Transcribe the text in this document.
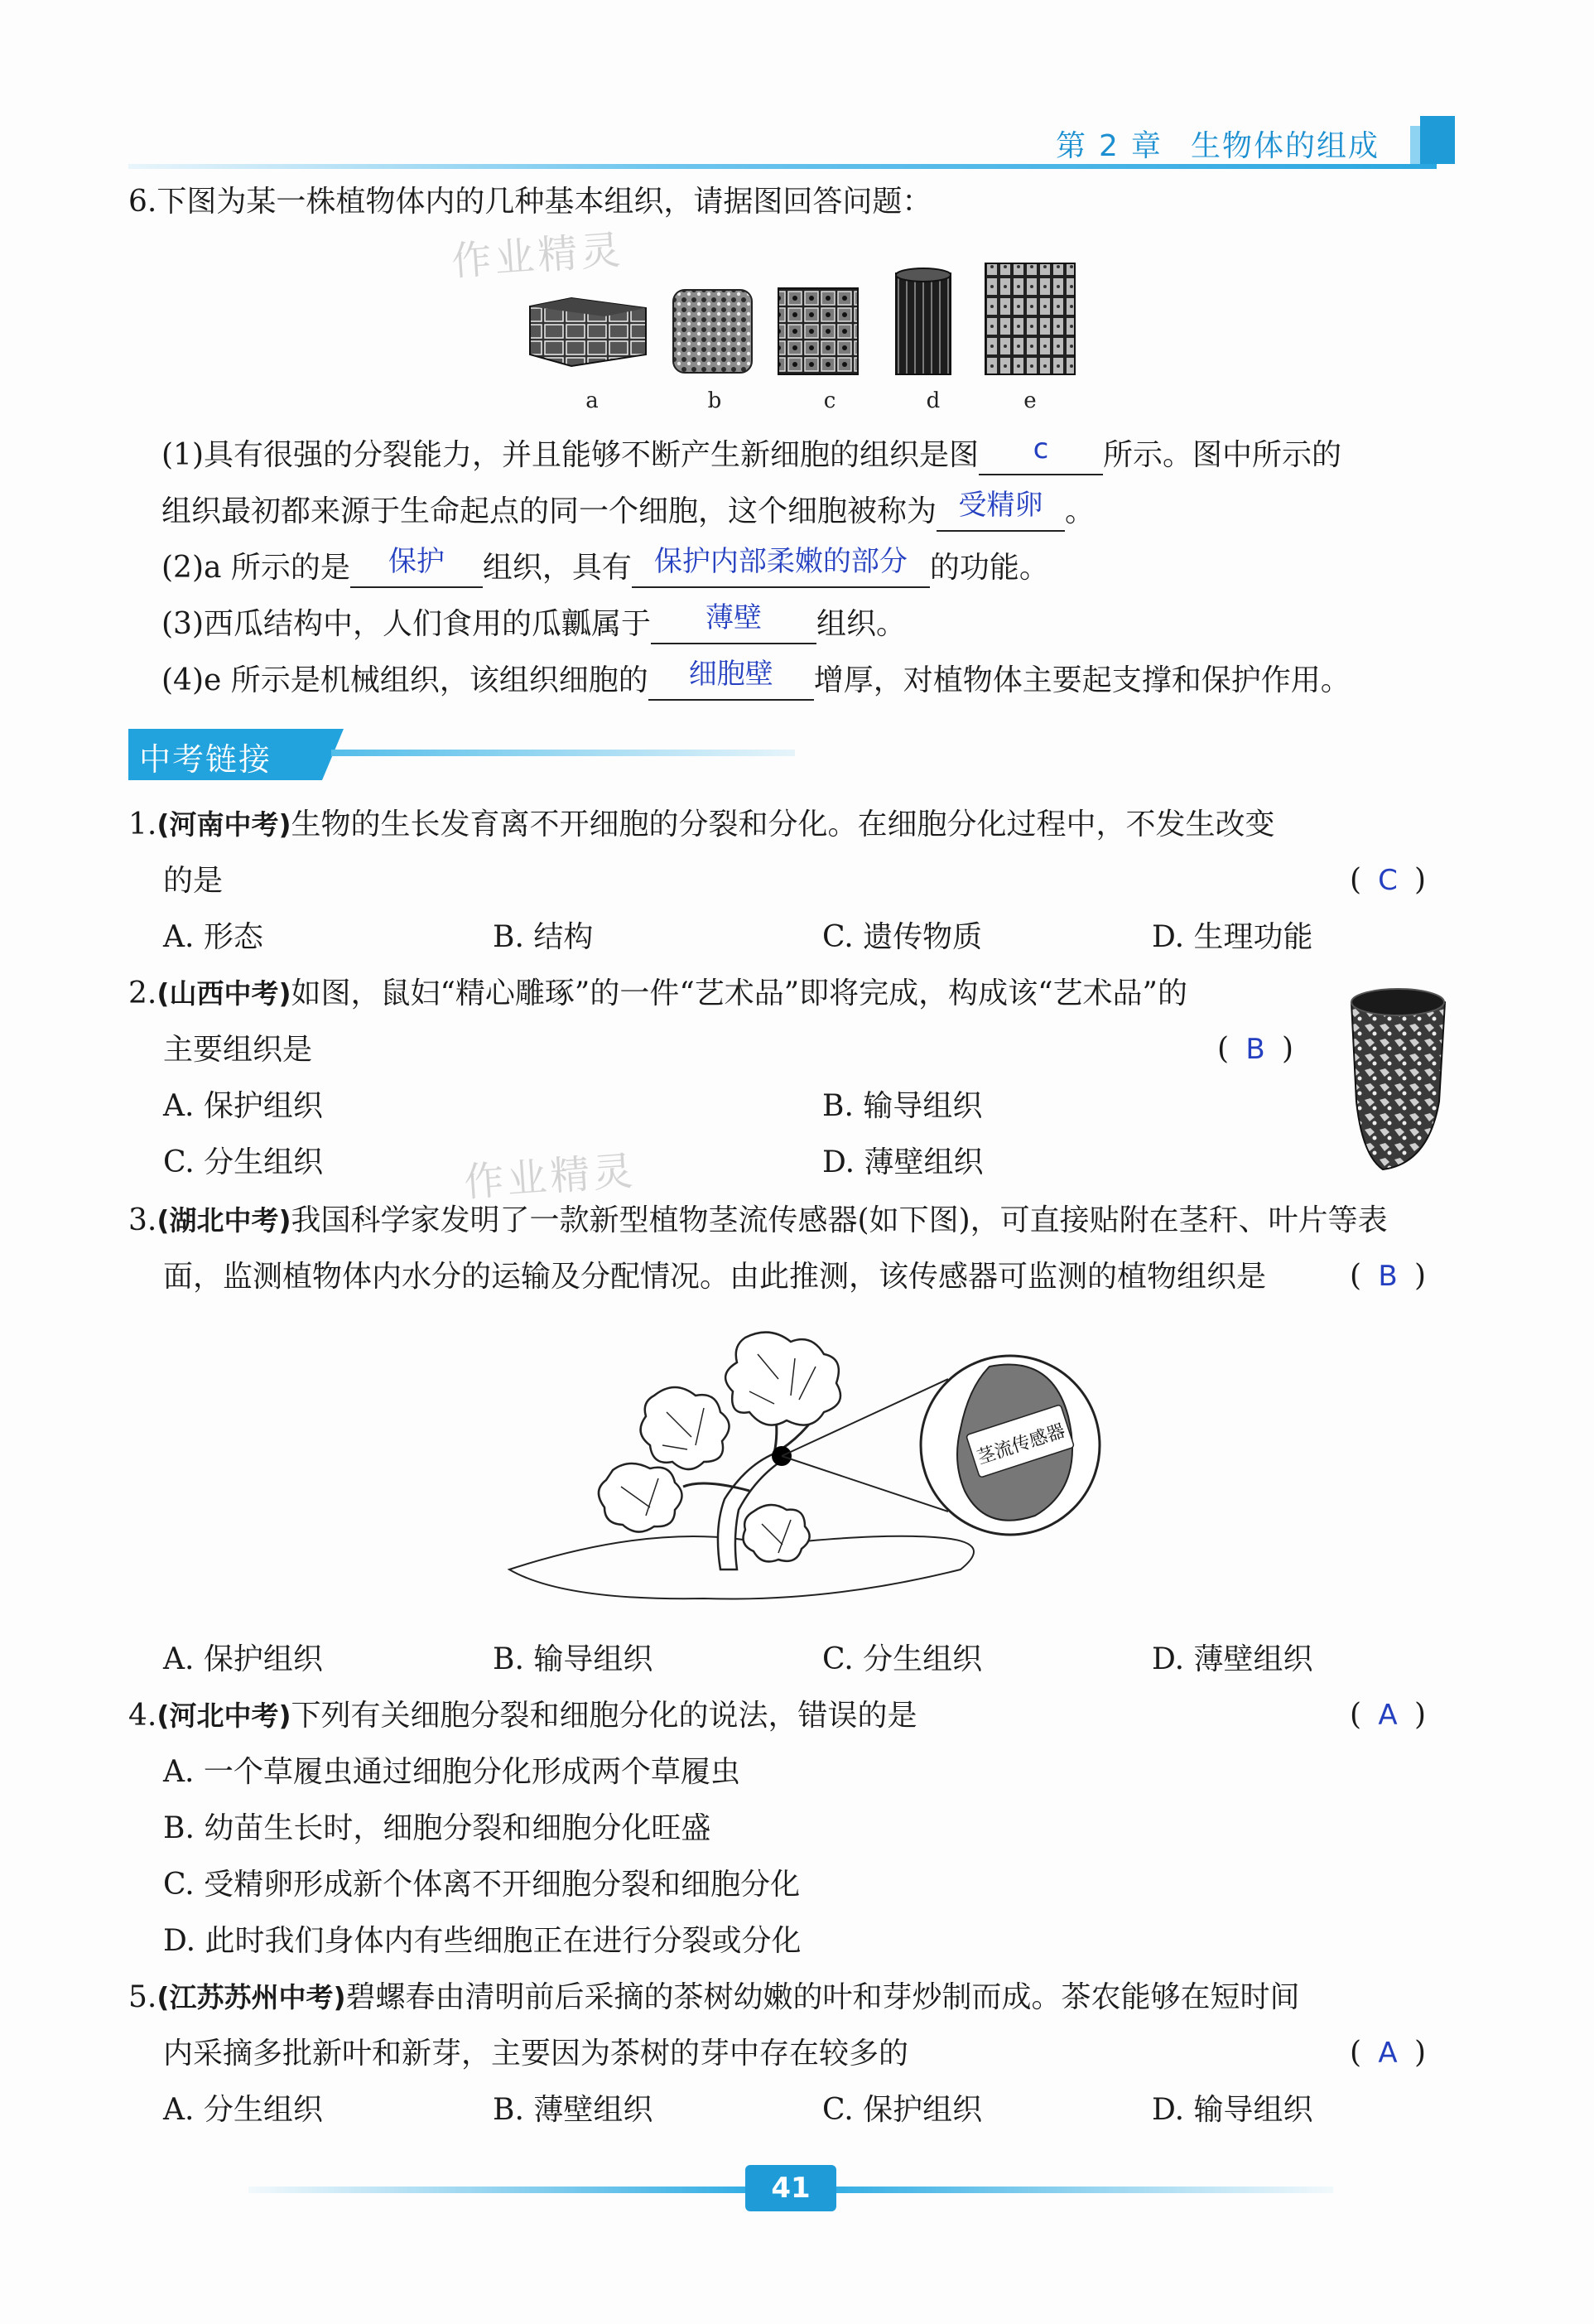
第 2 章 生物体的组成
6.下图为某一株植物体内的几种基本组织，请据图回答问题：
作业精灵
a	b	c	d	e
(1)具有很强的分裂能力，并且能够不断产生新细胞的组织是图 c 所示。图中所示的
组织最初都来源于生命起点的同一个细胞，这个细胞被称为 受精卵 。
(2)a 所示的是 保护 组织，具有 保护内部柔嫩的部分 的功能。
(3)西瓜结构中，人们食用的瓜瓤属于 薄壁 组织。
(4)e 所示是机械组织，该组织细胞的 细胞壁 增厚，对植物体主要起支撑和保护作用。
中考链接
1.(河南中考)生物的生长发育离不开细胞的分裂和分化。在细胞分化过程中，不发生改变
的是	( C )
A. 形态	B. 结构	C. 遗传物质	D. 生理功能
2.(山西中考)如图，鼠妇“精心雕琢”的一件“艺术品”即将完成，构成该“艺术品”的
主要组织是	( B )
A. 保护组织	B. 输导组织
C. 分生组织	D. 薄壁组织
作业精灵
3.(湖北中考)我国科学家发明了一款新型植物茎流传感器(如下图)，可直接贴附在茎秆、叶片等表
面，监测植物体内水分的运输及分配情况。由此推测，该传感器可监测的植物组织是	( B )
茎流传感器
A. 保护组织	B. 输导组织	C. 分生组织	D. 薄壁组织
4.(河北中考)下列有关细胞分裂和细胞分化的说法，错误的是	( A )
A. 一个草履虫通过细胞分化形成两个草履虫
B. 幼苗生长时，细胞分裂和细胞分化旺盛
C. 受精卵形成新个体离不开细胞分裂和细胞分化
D. 此时我们身体内有些细胞正在进行分裂或分化
5.(江苏苏州中考)碧螺春由清明前后采摘的茶树幼嫩的叶和芽炒制而成。茶农能够在短时间
内采摘多批新叶和新芽，主要因为茶树的芽中存在较多的	( A )
A. 分生组织	B. 薄壁组织	C. 保护组织	D. 输导组织
41
